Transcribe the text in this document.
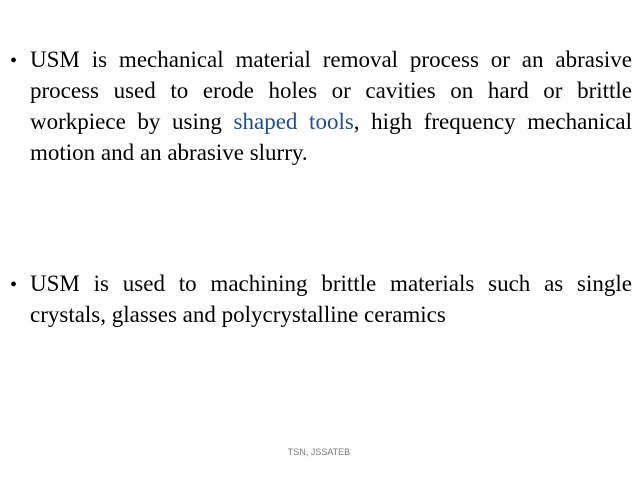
• USM is mechanical material removal process or an abrasive process used to erode holes or cavities on hard or brittle workpiece by using shaped tools, high frequency mechanical motion and an abrasive slurry.

• USM is used to machining brittle materials such as single crystals, glasses and polycrystalline ceramics

TSN, JSSATEB
